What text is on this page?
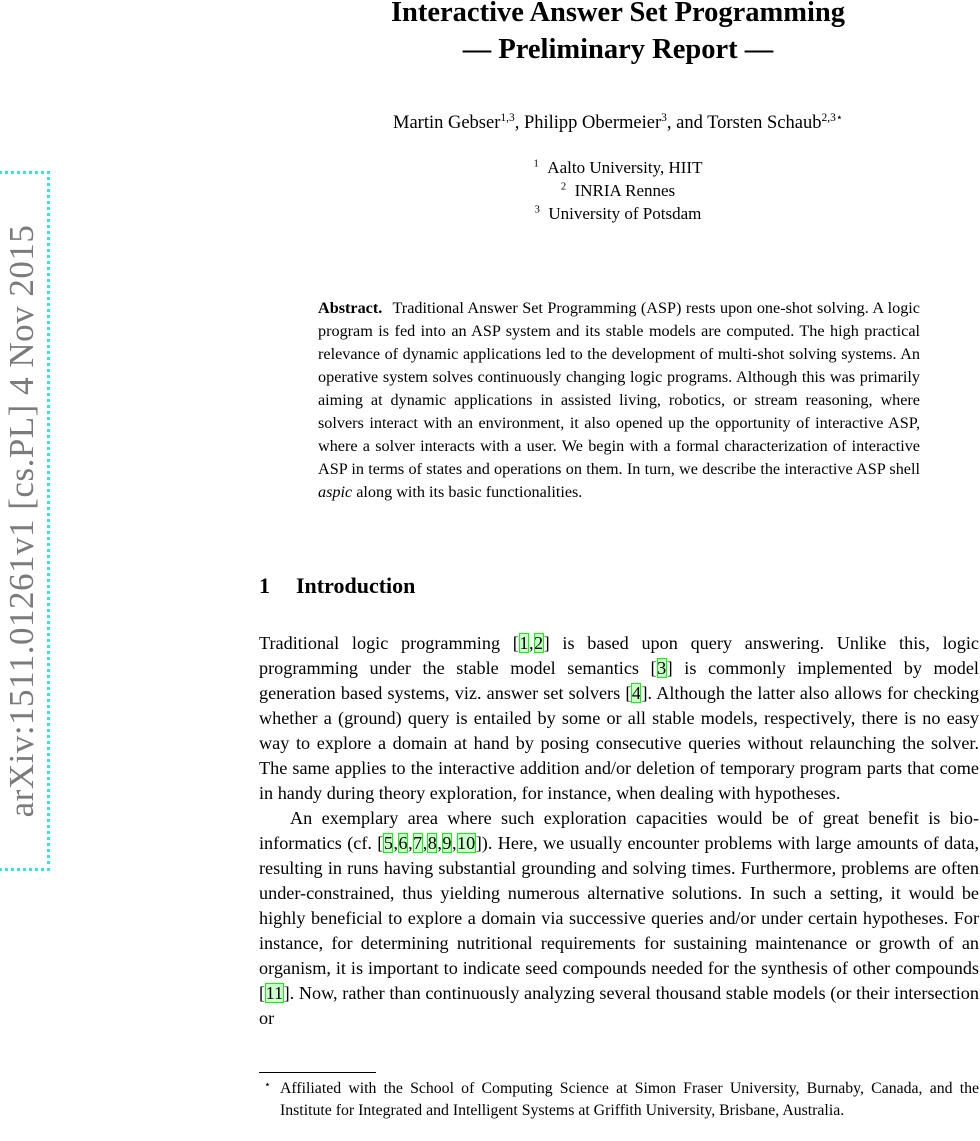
arXiv:1511.01261v1 [cs.PL] 4 Nov 2015
Interactive Answer Set Programming
— Preliminary Report —
Martin Gebser$^{1,3}$, Philipp Obermeier$^3$, and Torsten Schaub$^{2,3⋆}$
$^1$ Aalto University, HIIT
$^2$ INRIA Rennes
$^3$ University of Potsdam

Abstract. Traditional Answer Set Programming (ASP) rests upon one-shot solving. A logic program is fed into an ASP system and its stable models are computed. The high practical relevance of dynamic applications led to the development of multi-shot solving systems. An operative system solves continuously changing logic programs. Although this was primarily aiming at dynamic applications in assisted living, robotics, or stream reasoning, where solvers interact with an environment, it also opened up the opportunity of interactive ASP, where a solver interacts with a user. We begin with a formal characterization of interactive ASP in terms of states and operations on them. In turn, we describe the interactive ASP shell aspic along with its basic functionalities.

1 Introduction

Traditional logic programming [1,2] is based upon query answering. Unlike this, logic programming under the stable model semantics [3] is commonly implemented by model generation based systems, viz. answer set solvers [4]. Although the latter also allows for checking whether a (ground) query is entailed by some or all stable models, respectively, there is no easy way to explore a domain at hand by posing consecutive queries without relaunching the solver. The same applies to the interactive addition and/or deletion of temporary program parts that come in handy during theory exploration, for instance, when dealing with hypotheses.

An exemplary area where such exploration capacities would be of great benefit is bio-informatics (cf. [5,6,7,8,9,10]). Here, we usually encounter problems with large amounts of data, resulting in runs having substantial grounding and solving times. Furthermore, problems are often under-constrained, thus yielding numerous alternative solutions. In such a setting, it would be highly beneficial to explore a domain via successive queries and/or under certain hypotheses. For instance, for determining nutritional requirements for sustaining maintenance or growth of an organism, it is important to indicate seed compounds needed for the synthesis of other compounds [11]. Now, rather than continuously analyzing several thousand stable models (or their intersection or

⋆ Affiliated with the School of Computing Science at Simon Fraser University, Burnaby, Canada, and the Institute for Integrated and Intelligent Systems at Griffith University, Brisbane, Australia.
